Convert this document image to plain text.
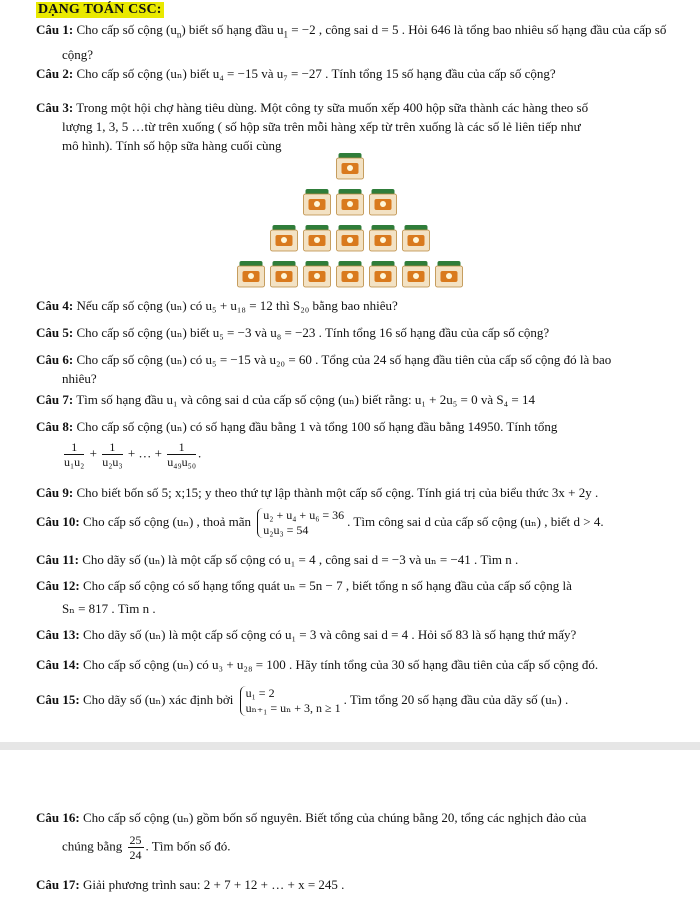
DẠNG TOÁN CSC:
Câu 1: Cho cấp số cộng $(u_n)$ biết số hạng đầu $u_1 = -2$ , công sai d = 5 . Hỏi 646 là tổng bao nhiêu số hạng đầu của cấp số
cộng?
Câu 2: Cho cấp số cộng (uₙ) biết u₄ = −15 và u₇ = −27 . Tính tổng 15 số hạng đầu của cấp số cộng?
Câu 3: Trong một hội chợ hàng tiêu dùng. Một công ty sữa muốn xếp 400 hộp sữa thành các hàng theo số
lượng 1, 3, 5 …từ trên xuống ( số hộp sữa trên mỗi hàng xếp từ trên xuống là các số lẻ liên tiếp như
mô hình). Tính số hộp sữa hàng cuối cùng
Câu 4: Nếu cấp số cộng (uₙ) có u₅ + u₁₈ = 12 thì S₂₀ bằng bao nhiêu?
Câu 5: Cho cấp số cộng (uₙ) biết u₅ = −3 và u₈ = −23 . Tính tổng 16 số hạng đầu của cấp số cộng?
Câu 6: Cho cấp số cộng (uₙ) có u₅ = −15 và u₂₀ = 60 . Tổng của 24 số hạng đầu tiên của cấp số cộng đó là bao
nhiêu?
Câu 7: Tìm số hạng đầu u₁ và công sai d của cấp số cộng (uₙ) biết rằng: u₁ + 2u₅ = 0 và S₄ = 14
Câu 8: Cho cấp số cộng (uₙ) có số hạng đầu bằng 1 và tổng 100 số hạng đầu bằng 14950. Tính tổng
$\frac{1}{\text{u₁u₂}} + \frac{1}{\text{u₂u₃}}$ + … + $\frac{1}{\text{u₄₉u₅₀}}$ .
Câu 9: Cho biết bốn số 5; x;15; y theo thứ tự lập thành một cấp số cộng. Tính giá trị của biểu thức 3x + 2y .
Câu 10: Cho cấp số cộng (uₙ) , thoả mãn u₂ + u₄ + u₆ = 36
u₂u₃ = 54
. Tìm công sai d của cấp số cộng (uₙ) , biết d > 4.
Câu 11: Cho dãy số (uₙ) là một cấp số cộng có u₁ = 4 , công sai d = −3 và uₙ = −41 . Tìm n .
Câu 12: Cho cấp số cộng có số hạng tổng quát uₙ = 5n − 7 , biết tổng n số hạng đầu của cấp số cộng là
Sₙ = 817 . Tìm n .
Câu 13: Cho dãy số (uₙ) là một cấp số cộng có u₁ = 3 và công sai d = 4 . Hỏi số 83 là số hạng thứ mấy?
Câu 14: Cho cấp số cộng (uₙ) có u₃ + u₂₈ = 100 . Hãy tính tổng của 30 số hạng đầu tiên của cấp số cộng đó.
Câu 15: Cho dãy số (uₙ) xác định bởi u₁ = 2
uₙ₊₁ = uₙ + 3, n ≥ 1
. Tìm tổng 20 số hạng đầu của dãy số (uₙ) .
Câu 16: Cho cấp số cộng (uₙ) gồm bốn số nguyên. Biết tổng của chúng bằng 20, tổng các nghịch đảo của
chúng bằng $\frac{25}{24}$ . Tìm bốn số đó.
Câu 17: Giải phương trình sau: 2 + 7 + 12 + … + x = 245 .
